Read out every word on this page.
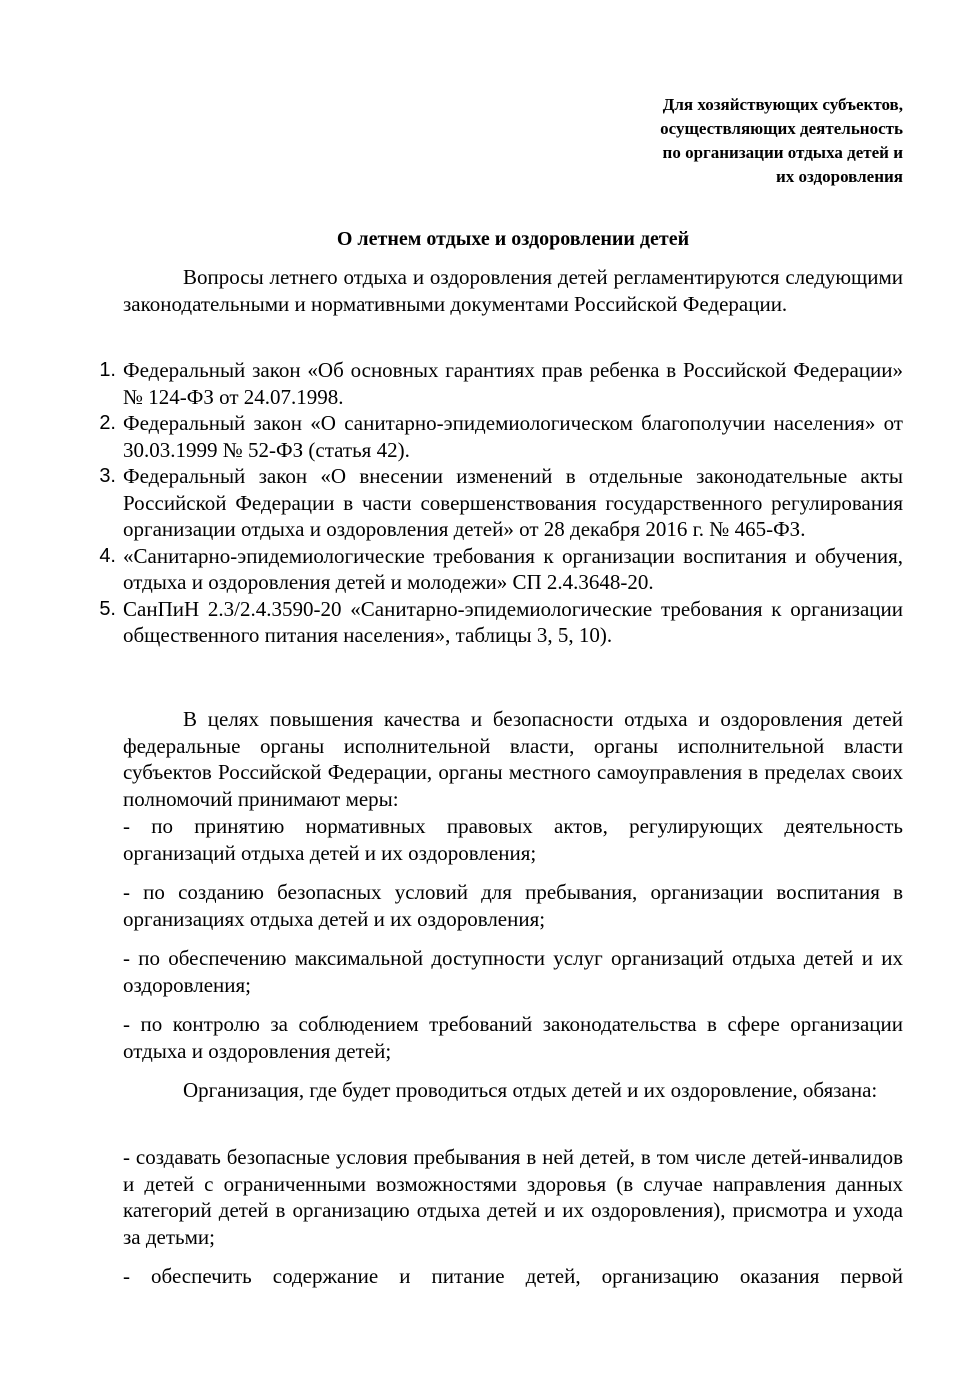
Для хозяйствующих субъектов,
осуществляющих деятельность
по организации отдыха детей и
их оздоровления
О летнем отдыхе и оздоровлении детей
Вопросы летнего отдыха и оздоровления детей регламентируются следующими законодательными и нормативными документами Российской Федерации.
1. Федеральный закон «Об основных гарантиях прав ребенка в Российской Федерации» № 124-ФЗ от 24.07.1998.
2. Федеральный закон «О санитарно-эпидемиологическом благополучии населения» от 30.03.1999 № 52-ФЗ (статья 42).
3. Федеральный закон «О внесении изменений в отдельные законодательные акты Российской Федерации в части совершенствования государственного регулирования организации отдыха и оздоровления детей» от 28 декабря 2016 г. № 465-ФЗ.
4. «Санитарно-эпидемиологические требования к организации воспитания и обучения, отдыха и оздоровления детей и молодежи» СП 2.4.3648-20.
5. СанПиН 2.3/2.4.3590-20 «Санитарно-эпидемиологические требования к организации общественного питания населения», таблицы 3, 5, 10).
В целях повышения качества и безопасности отдыха и оздоровления детей федеральные органы исполнительной власти, органы исполнительной власти субъектов Российской Федерации, органы местного самоуправления в пределах своих полномочий принимают меры:
- по принятию нормативных правовых актов, регулирующих деятельность организаций отдыха детей и их оздоровления;
- по созданию безопасных условий для пребывания, организации воспитания в организациях отдыха детей и их оздоровления;
- по обеспечению максимальной доступности услуг организаций отдыха детей и их оздоровления;
- по контролю за соблюдением требований законодательства в сфере организации отдыха и оздоровления детей;
Организация, где будет проводиться отдых детей и их оздоровление, обязана:
- создавать безопасные условия пребывания в ней детей, в том числе детей-инвалидов и детей с ограниченными возможностями здоровья (в случае направления данных категорий детей в организацию отдыха детей и их оздоровления), присмотра и ухода за детьми;
- обеспечить содержание и питание детей, организацию оказания первой
